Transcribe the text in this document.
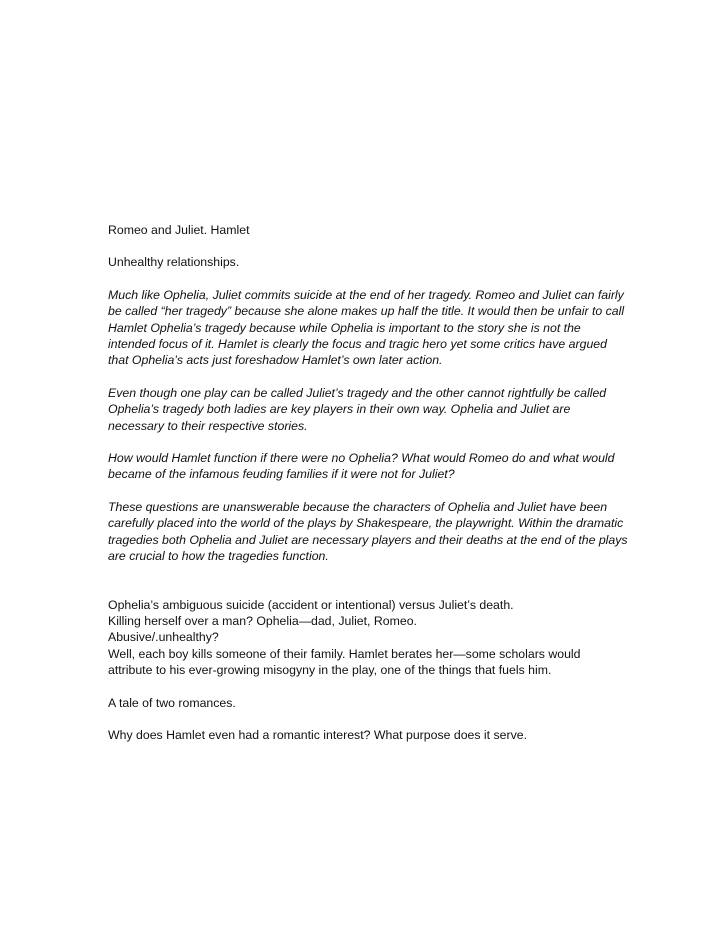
Romeo and Juliet. Hamlet

Unhealthy relationships.

Much like Ophelia, Juliet commits suicide at the end of her tragedy. Romeo and Juliet can fairly be called “her tragedy” because she alone makes up half the title. It would then be unfair to call Hamlet Ophelia’s tragedy because while Ophelia is important to the story she is not the intended focus of it. Hamlet is clearly the focus and tragic hero yet some critics have argued that Ophelia’s acts just foreshadow Hamlet’s own later action.

Even though one play can be called Juliet’s tragedy and the other cannot rightfully be called Ophelia’s tragedy both ladies are key players in their own way. Ophelia and Juliet are necessary to their respective stories.

How would Hamlet function if there were no Ophelia? What would Romeo do and what would became of the infamous feuding families if it were not for Juliet?

These questions are unanswerable because the characters of Ophelia and Juliet have been carefully placed into the world of the plays by Shakespeare, the playwright. Within the dramatic tragedies both Ophelia and Juliet are necessary players and their deaths at the end of the plays are crucial to how the tragedies function.

Ophelia’s ambiguous suicide (accident or intentional) versus Juliet’s death.

Killing herself over a man? Ophelia—dad, Juliet, Romeo.

Abusive/.unhealthy?

Well, each boy kills someone of their family. Hamlet berates her—some scholars would attribute to his ever-growing misogyny in the play, one of the things that fuels him.

A tale of two romances.

Why does Hamlet even had a romantic interest? What purpose does it serve.
